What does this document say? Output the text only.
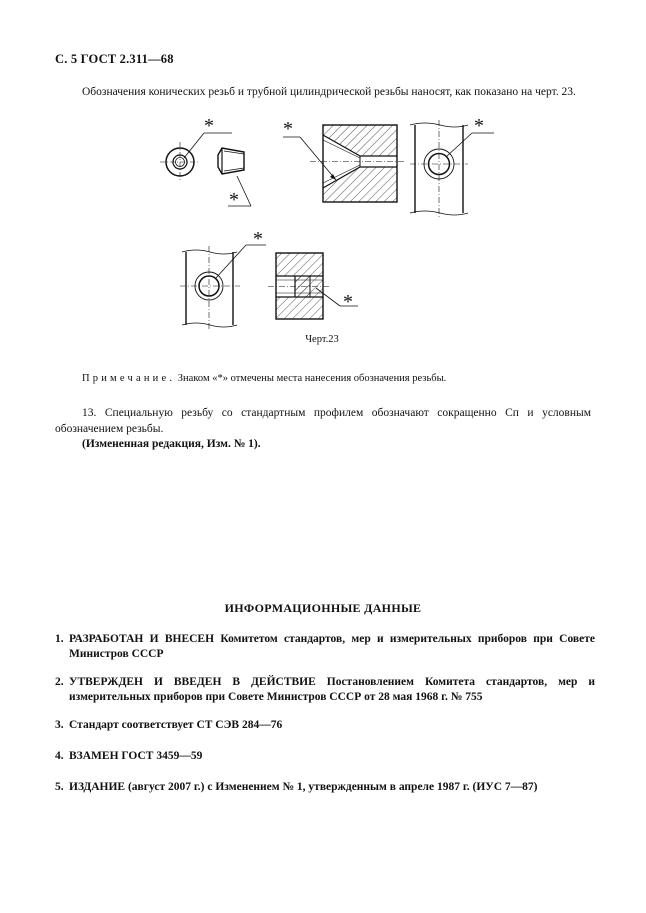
С. 5 ГОСТ 2.311—68
Обозначения конических резьб и трубной цилиндрической резьбы наносят, как показано на черт. 23.
*
*
*	*
*
*
Черт.23
Примечание. Знаком «*» отмечены места нанесения обозначения резьбы.
13. Специальную резьбу со стандартным профилем обозначают сокращенно Сп и условным обозначением резьбы.
(Измененная редакция, Изм. № 1).
ИНФОРМАЦИОННЫЕ ДАННЫЕ
1. РАЗРАБОТАН И ВНЕСЕН Комитетом стандартов, мер и измерительных приборов при Совете Министров СССР
2. УТВЕРЖДЕН И ВВЕДЕН В ДЕЙСТВИЕ Постановлением Комитета стандартов, мер и измерительных приборов при Совете Министров СССР от 28 мая 1968 г. № 755
3. Стандарт соответствует СТ СЭВ 284—76
4. ВЗАМЕН ГОСТ 3459—59
5. ИЗДАНИЕ (август 2007 г.) с Изменением № 1, утвержденным в апреле 1987 г. (ИУС 7—87)
